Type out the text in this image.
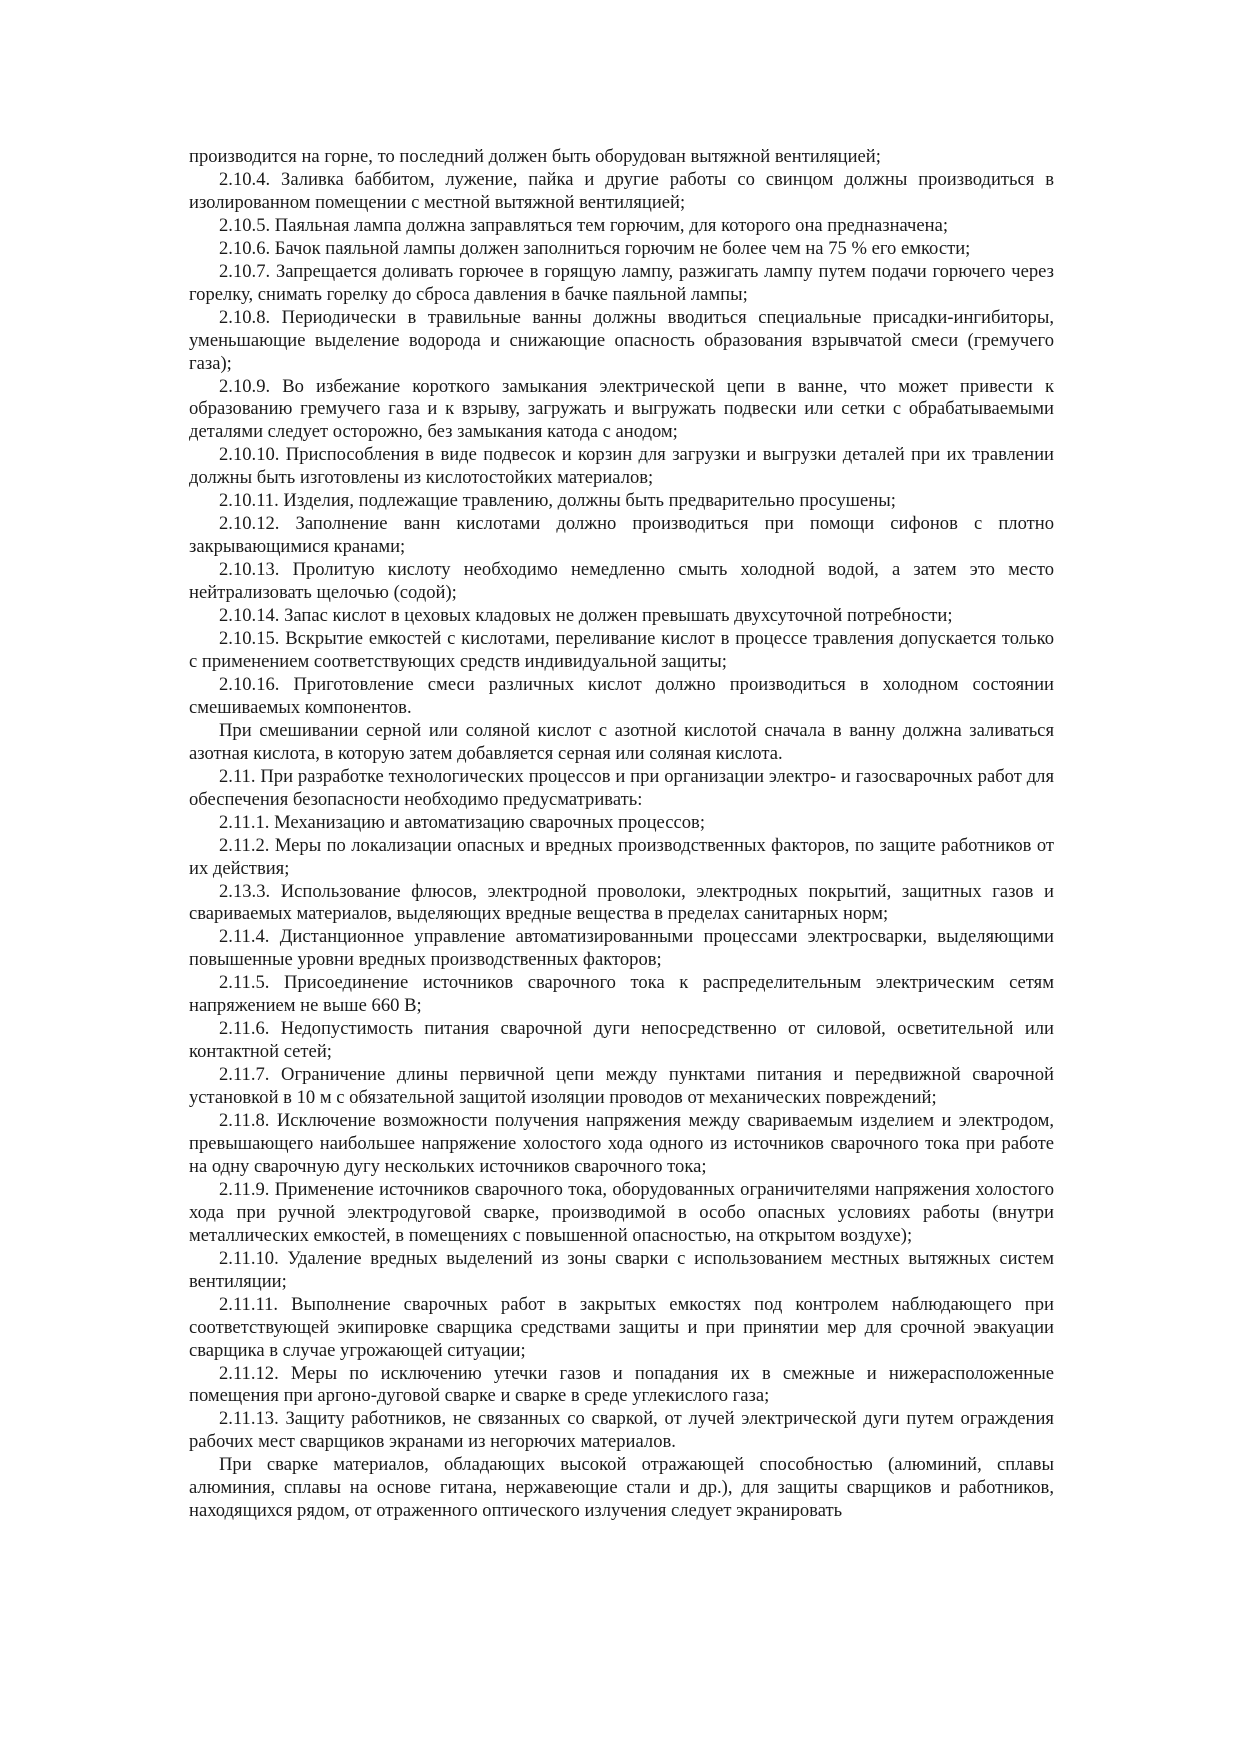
производится на горне, то последний должен быть оборудован вытяжной вентиляцией;

2.10.4. Заливка баббитом, лужение, пайка и другие работы со свинцом должны производиться в изолированном помещении с местной вытяжной вентиляцией;

2.10.5. Паяльная лампа должна заправляться тем горючим, для которого она предназначена;

2.10.6. Бачок паяльной лампы должен заполниться горючим не более чем на 75 % его емкости;

2.10.7. Запрещается доливать горючее в горящую лампу, разжигать лампу путем подачи горючего через горелку, снимать горелку до сброса давления в бачке паяльной лампы;

2.10.8. Периодически в травильные ванны должны вводиться специальные присадки-ингибиторы, уменьшающие выделение водорода и снижающие опасность образования взрывчатой смеси (гремучего газа);

2.10.9. Во избежание короткого замыкания электрической цепи в ванне, что может привести к образованию гремучего газа и к взрыву, загружать и выгружать подвески или сетки с обрабатываемыми деталями следует осторожно, без замыкания катода с анодом;

2.10.10. Приспособления в виде подвесок и корзин для загрузки и выгрузки деталей при их травлении должны быть изготовлены из кислотостойких материалов;

2.10.11. Изделия, подлежащие травлению, должны быть предварительно просушены;

2.10.12. Заполнение ванн кислотами должно производиться при помощи сифонов с плотно закрывающимися кранами;

2.10.13. Пролитую кислоту необходимо немедленно смыть холодной водой, а затем это место нейтрализовать щелочью (содой);

2.10.14. Запас кислот в цеховых кладовых не должен превышать двухсуточной потребности;

2.10.15. Вскрытие емкостей с кислотами, переливание кислот в процессе травления допускается только с применением соответствующих средств индивидуальной защиты;

2.10.16. Приготовление смеси различных кислот должно производиться в холодном состоянии смешиваемых компонентов.

При смешивании серной или соляной кислот с азотной кислотой сначала в ванну должна заливаться азотная кислота, в которую затем добавляется серная или соляная кислота.

2.11. При разработке технологических процессов и при организации электро- и газосварочных работ для обеспечения безопасности необходимо предусматривать:

2.11.1. Механизацию и автоматизацию сварочных процессов;

2.11.2. Меры по локализации опасных и вредных производственных факторов, по защите работников от их действия;

2.13.3. Использование флюсов, электродной проволоки, электродных покрытий, защитных газов и свариваемых материалов, выделяющих вредные вещества в пределах санитарных норм;

2.11.4. Дистанционное управление автоматизированными процессами электросварки, выделяющими повышенные уровни вредных производственных факторов;

2.11.5. Присоединение источников сварочного тока к распределительным электрическим сетям напряжением не выше 660 В;

2.11.6. Недопустимость питания сварочной дуги непосредственно от силовой, осветительной или контактной сетей;

2.11.7. Ограничение длины первичной цепи между пунктами питания и передвижной сварочной установкой в 10 м с обязательной защитой изоляции проводов от механических повреждений;

2.11.8. Исключение возможности получения напряжения между свариваемым изделием и электродом, превышающего наибольшее напряжение холостого хода одного из источников сварочного тока при работе на одну сварочную дугу нескольких источников сварочного тока;

2.11.9. Применение источников сварочного тока, оборудованных ограничителями напряжения холостого хода при ручной электродуговой сварке, производимой в особо опасных условиях работы (внутри металлических емкостей, в помещениях с повышенной опасностью, на открытом воздухе);

2.11.10. Удаление вредных выделений из зоны сварки с использованием местных вытяжных систем вентиляции;

2.11.11. Выполнение сварочных работ в закрытых емкостях под контролем наблюдающего при соответствующей экипировке сварщика средствами защиты и при принятии мер для срочной эвакуации сварщика в случае угрожающей ситуации;

2.11.12. Меры по исключению утечки газов и попадания их в смежные и нижерасположенные помещения при аргоно-дуговой сварке и сварке в среде углекислого газа;

2.11.13. Защиту работников, не связанных со сваркой, от лучей электрической дуги путем ограждения рабочих мест сварщиков экранами из негорючих материалов.

При сварке материалов, обладающих высокой отражающей способностью (алюминий, сплавы алюминия, сплавы на основе гитана, нержавеющие стали и др.), для защиты сварщиков и работников, находящихся рядом, от отраженного оптического излучения следует экранировать
